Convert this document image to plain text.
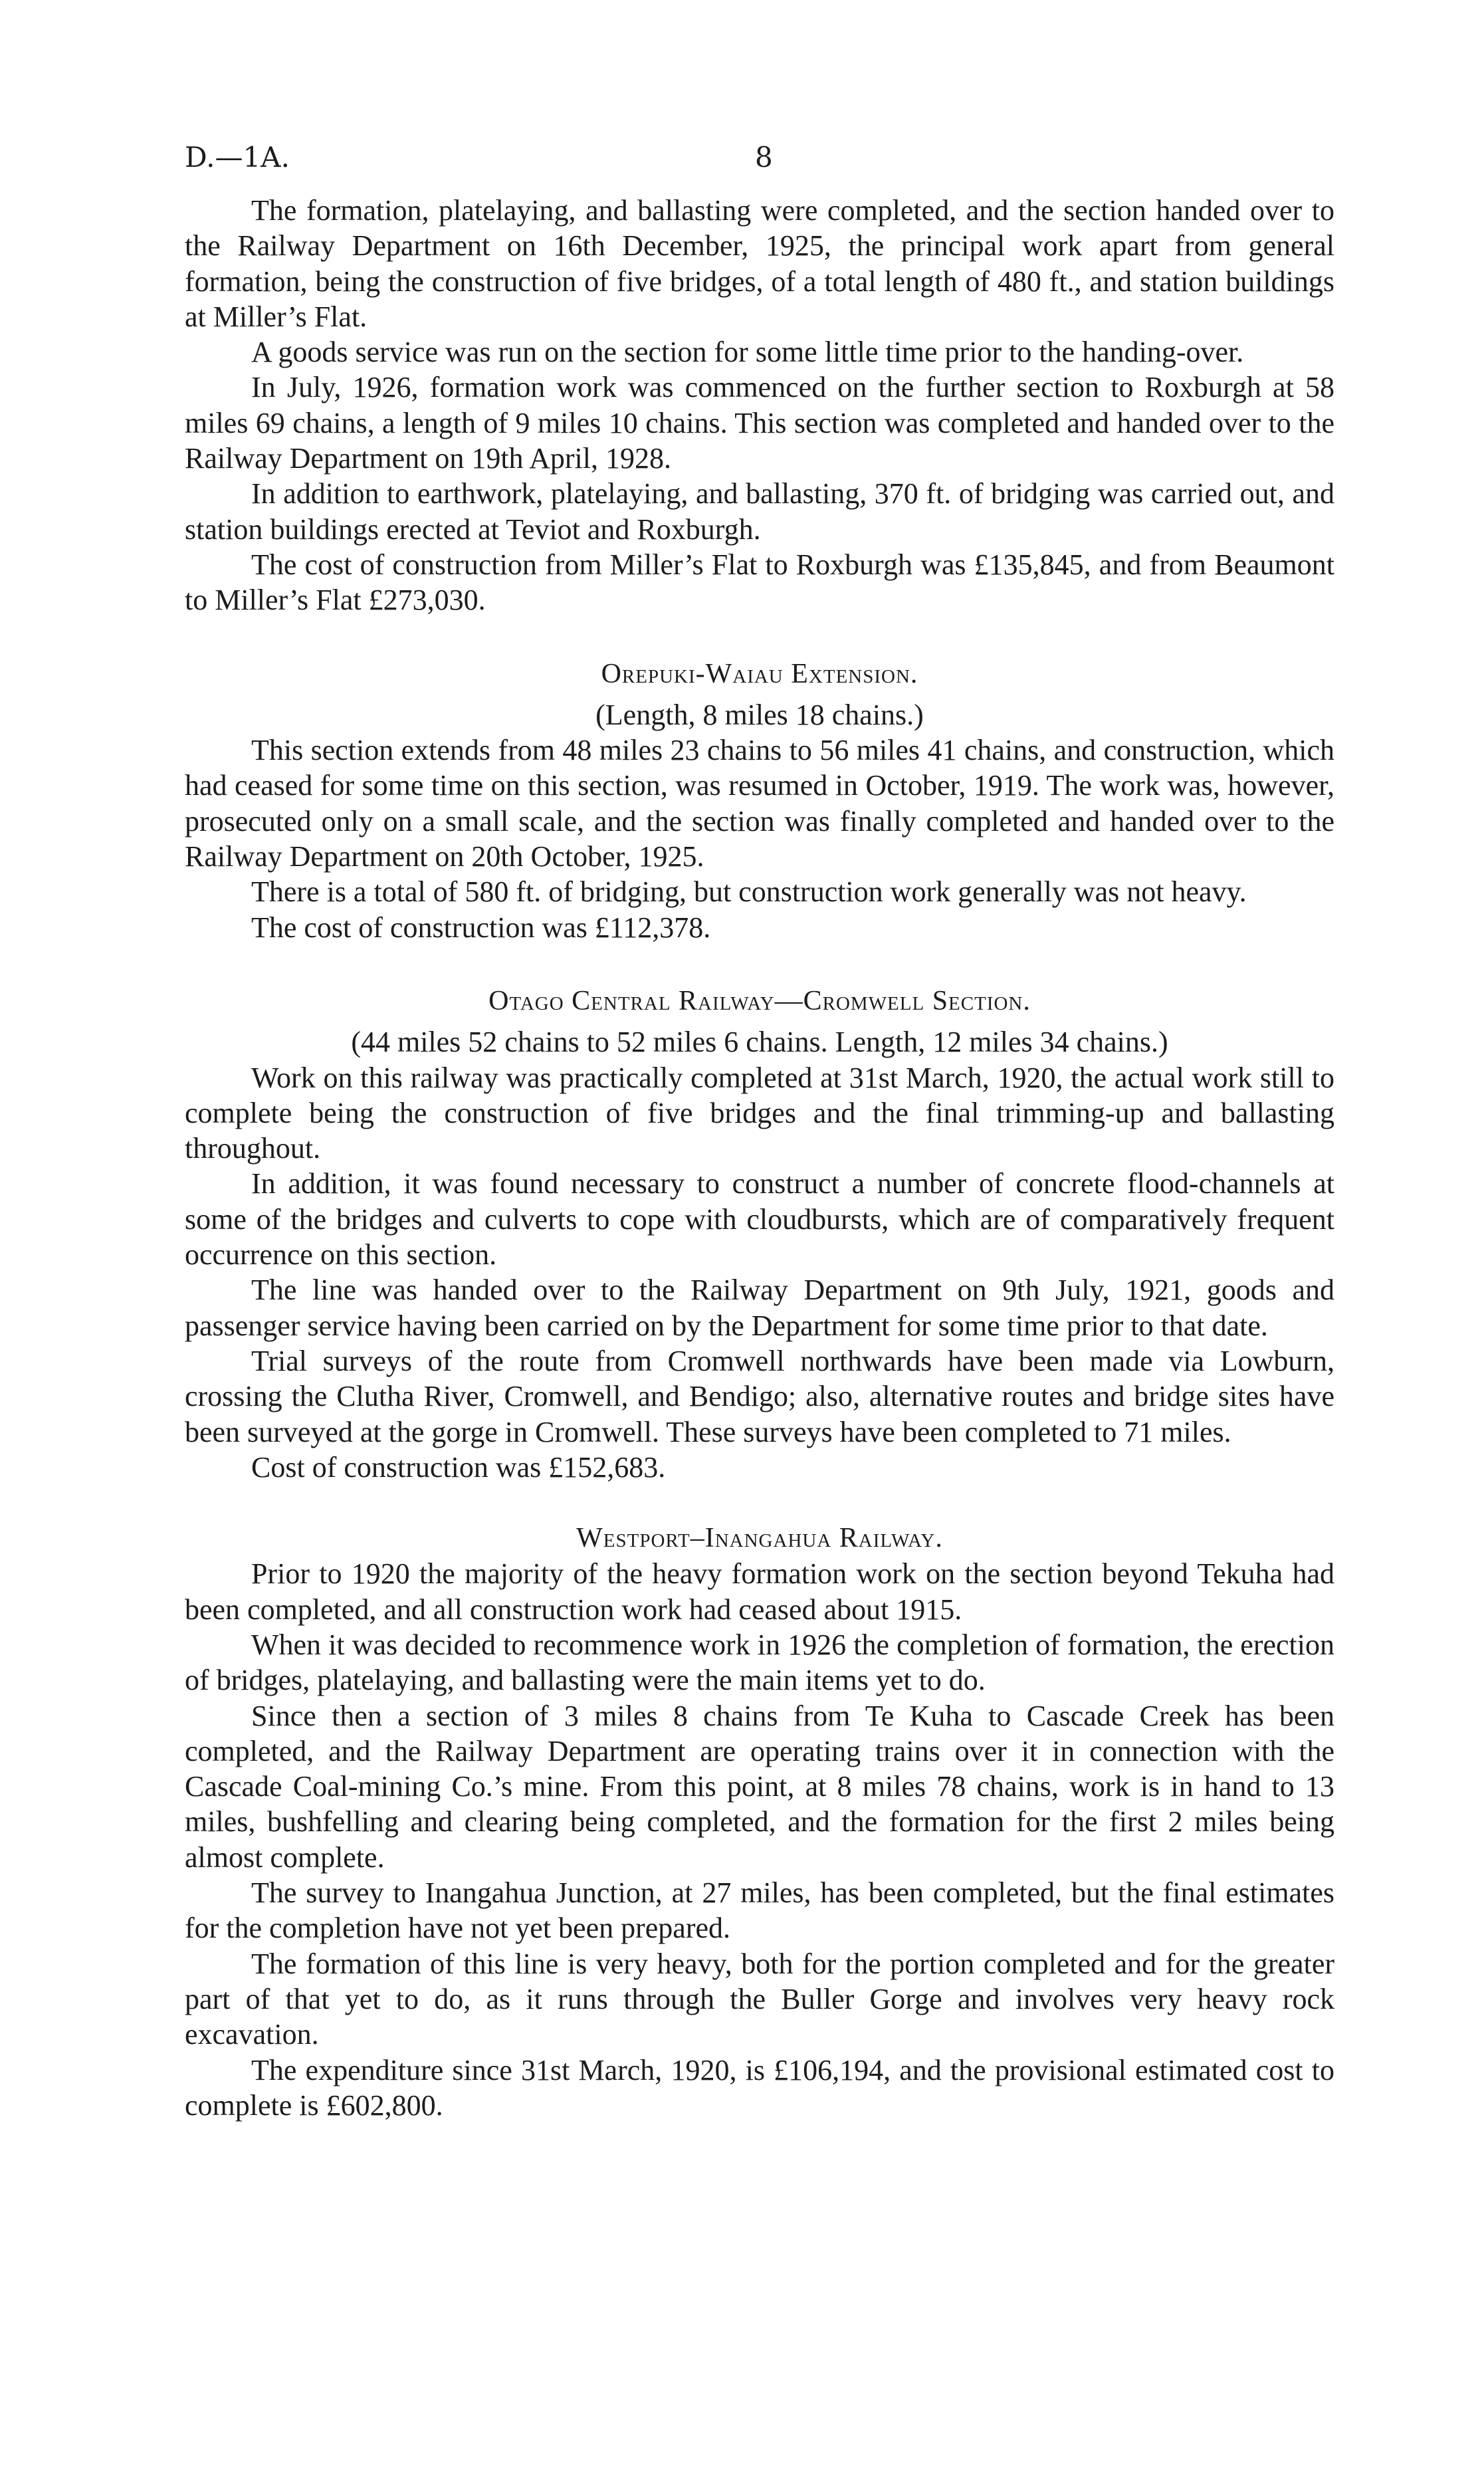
D.—1A.	8

The formation, platelaying, and ballasting were completed, and the section handed over to the Railway Department on 16th December, 1925, the principal work apart from general formation, being the construction of five bridges, of a total length of 480 ft., and station buildings at Miller’s Flat.

A goods service was run on the section for some little time prior to the handing-over.

In July, 1926, formation work was commenced on the further section to Roxburgh at 58 miles 69 chains, a length of 9 miles 10 chains. This section was completed and handed over to the Railway Department on 19th April, 1928.

In addition to earthwork, platelaying, and ballasting, 370 ft. of bridging was carried out, and station buildings erected at Teviot and Roxburgh.

The cost of construction from Miller’s Flat to Roxburgh was £135,845, and from Beaumont to Miller’s Flat £273,030.

Orepuki-Waiau Extension.

(Length, 8 miles 18 chains.)

This section extends from 48 miles 23 chains to 56 miles 41 chains, and construction, which had ceased for some time on this section, was resumed in October, 1919. The work was, however, prosecuted only on a small scale, and the section was finally completed and handed over to the Railway Department on 20th October, 1925.

There is a total of 580 ft. of bridging, but construction work generally was not heavy.

The cost of construction was £112,378.

Otago Central Railway—Cromwell Section.

(44 miles 52 chains to 52 miles 6 chains. Length, 12 miles 34 chains.)

Work on this railway was practically completed at 31st March, 1920, the actual work still to complete being the construction of five bridges and the final trimming-up and ballasting throughout.

In addition, it was found necessary to construct a number of concrete flood-channels at some of the bridges and culverts to cope with cloudbursts, which are of comparatively frequent occurrence on this section.

The line was handed over to the Railway Department on 9th July, 1921, goods and passenger service having been carried on by the Department for some time prior to that date.

Trial surveys of the route from Cromwell northwards have been made via Lowburn, crossing the Clutha River, Cromwell, and Bendigo; also, alternative routes and bridge sites have been surveyed at the gorge in Cromwell. These surveys have been completed to 71 miles.

Cost of construction was £152,683.

Westport–Inangahua Railway.

Prior to 1920 the majority of the heavy formation work on the section beyond Tekuha had been completed, and all construction work had ceased about 1915.

When it was decided to recommence work in 1926 the completion of formation, the erection of bridges, platelaying, and ballasting were the main items yet to do.

Since then a section of 3 miles 8 chains from Te Kuha to Cascade Creek has been completed, and the Railway Department are operating trains over it in connection with the Cascade Coal-mining Co.’s mine. From this point, at 8 miles 78 chains, work is in hand to 13 miles, bushfelling and clearing being completed, and the formation for the first 2 miles being almost complete.

The survey to Inangahua Junction, at 27 miles, has been completed, but the final estimates for the completion have not yet been prepared.

The formation of this line is very heavy, both for the portion completed and for the greater part of that yet to do, as it runs through the Buller Gorge and involves very heavy rock excavation.

The expenditure since 31st March, 1920, is £106,194, and the provisional estimated cost to complete is £602,800.
